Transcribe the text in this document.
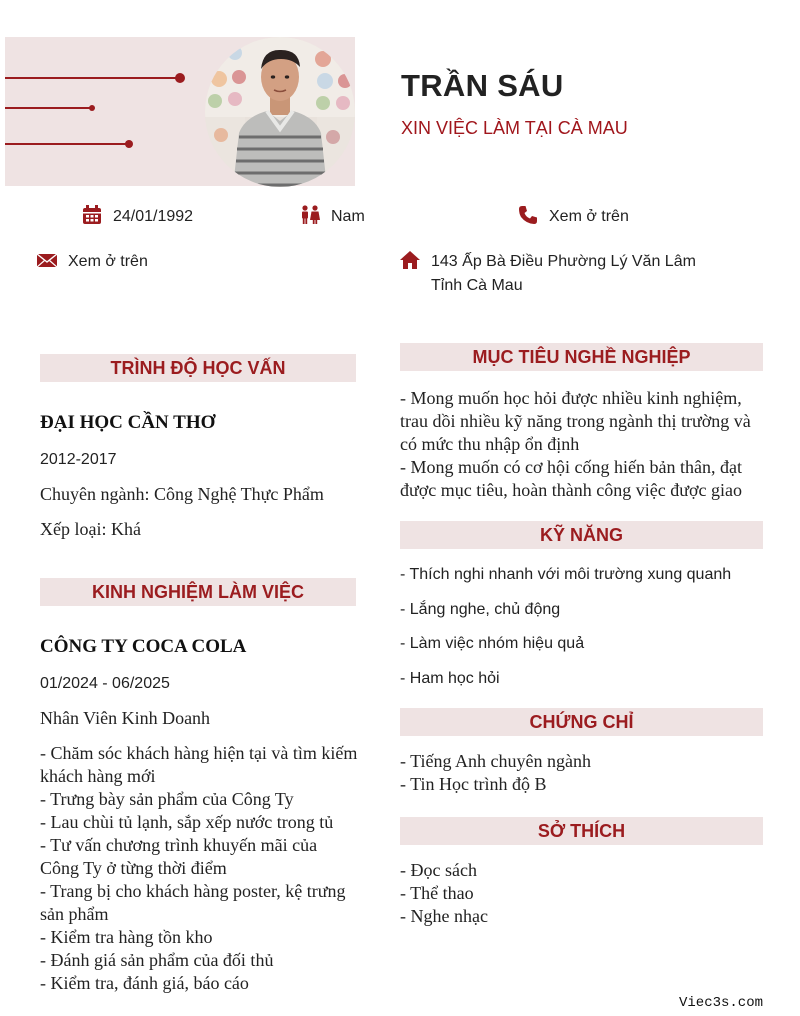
TRẦN SÁU
XIN VIỆC LÀM TẠI CÀ MAU
24/01/1992	Nam	Xem ở trên
Xem ở trên	143 Ấp Bà Điều Phường Lý Văn Lâm
Tỉnh Cà Mau
TRÌNH ĐỘ HỌC VẤN
ĐẠI HỌC CẦN THƠ
2012-2017
Chuyên ngành: Công Nghệ Thực Phẩm
Xếp loại: Khá
KINH NGHIỆM LÀM VIỆC
CÔNG TY COCA COLA
01/2024 - 06/2025
Nhân Viên Kinh Doanh
- Chăm sóc khách hàng hiện tại và tìm kiếm khách hàng mới
- Trưng bày sản phẩm của Công Ty
- Lau chùi tủ lạnh, sắp xếp nước trong tủ
- Tư vấn chương trình khuyến mãi của Công Ty ở từng thời điểm
- Trang bị cho khách hàng poster, kệ trưng sản phẩm
- Kiểm tra hàng tồn kho
- Đánh giá sản phẩm của đối thủ
- Kiểm tra, đánh giá, báo cáo
MỤC TIÊU NGHỀ NGHIỆP
- Mong muốn học hỏi được nhiều kinh nghiệm, trau dồi nhiều kỹ năng trong ngành thị trường và có mức thu nhập ổn định
- Mong muốn có cơ hội cống hiến bản thân, đạt được mục tiêu, hoàn thành công việc được giao
KỸ NĂNG
- Thích nghi nhanh với môi trường xung quanh
- Lắng nghe, chủ động
- Làm việc nhóm hiệu quả
- Ham học hỏi
CHỨNG CHỈ
- Tiếng Anh chuyên ngành
- Tin Học trình độ B
SỞ THÍCH
- Đọc sách
- Thể thao
- Nghe nhạc
Viec3s.com
